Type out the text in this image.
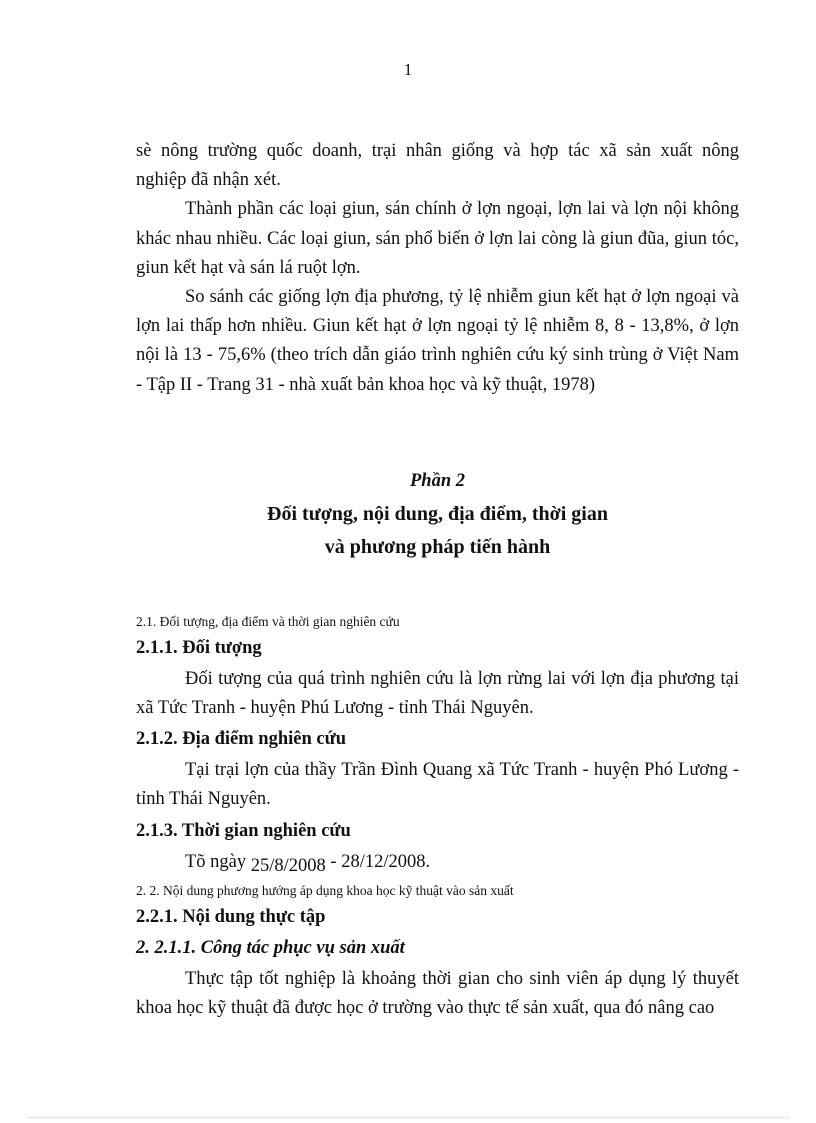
1

sè nông trường quốc doanh, trại nhân giống và hợp tác xã sản xuất nông
nghiệp đã nhận xét.

Thành phần các loại giun, sán chính ở lợn ngoại, lợn lai và lợn nội không khác nhau nhiều. Các loại giun, sán phổ biến ở lợn lai còng là giun đũa, giun tóc, giun kết hạt và sán lá ruột lợn.

So sánh các giống lợn địa phương, tỷ lệ nhiễm giun kết hạt ở lợn ngoại và lợn lai thấp hơn nhiều. Giun kết hạt ở lợn ngoại tỷ lệ nhiễm 8, 8 - 13,8%, ở lợn nội là 13 - 75,6% (theo trích dẫn giáo trình nghiên cứu ký sinh trùng ở Việt Nam - Tập II - Trang 31 - nhà xuất bản khoa học và kỹ thuật, 1978)

Phần 2
Đối tượng, nội dung, địa điểm, thời gian
và phương pháp tiến hành
2.1. Đối tượng, địa điểm và thời gian nghiên cứu
2.1.1. Đối tượng

Đối tượng của quá trình nghiên cứu là lợn rừng lai với lợn địa phương tại xã Tức Tranh - huyện Phú Lương - tỉnh Thái Nguyên.

2.1.2. Địa điểm nghiên cứu

Tại trại lợn của thầy Trần Đình Quang xã Tức Tranh - huyện Phó Lương - tỉnh Thái Nguyên.

2.1.3. Thời gian nghiên cứu

Tõ ngày 25/8/2008 - 28/12/2008.

2. 2. Nội dung phương hướng áp dụng khoa học kỹ thuật vào sản xuất
2.2.1. Nội dung thực tập
2. 2.1.1. Công tác phục vụ sản xuất

Thực tập tốt nghiệp là khoảng thời gian cho sinh viên áp dụng lý thuyết khoa học kỹ thuật đã được học ở trường vào thực tế sản xuất, qua đó nâng cao
